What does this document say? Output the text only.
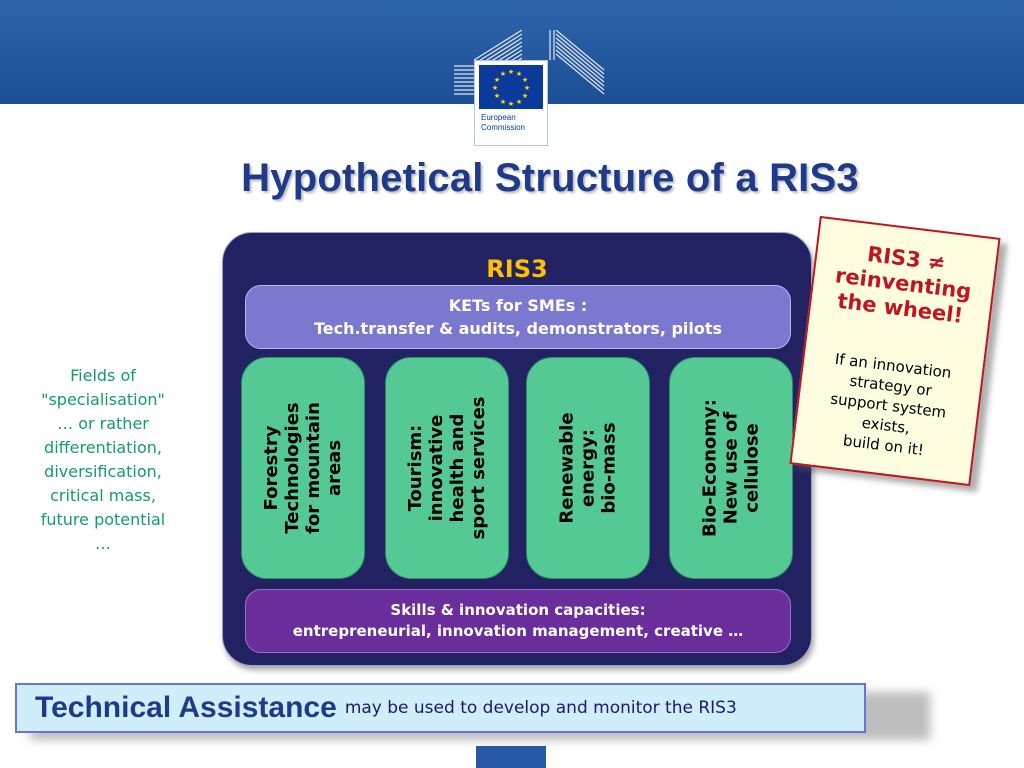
★ ★
★
★
★
★
★
★
★
★
★
★
European
Commission
Hypothetical Structure of a RIS3
Fields of
"specialisation"
… or rather
differentiation,
diversification,
critical mass,
future potential
…
RIS3
KETs for SMEs :
Tech.transfer & audits, demonstrators, pilots
Forestry
Technologies
for mountain
areas	Tourism:
innovative
health and
sport services	Renewable
energy:
bio-mass	Bio-Economy:
New use of
cellulose
Skills & innovation capacities:
entrepreneurial, innovation management, creative …
RIS3 ≠
reinventing
the wheel!
If an innovation
strategy or
support system
exists,
build on it!
Technical Assistance may be used to develop and monitor the RIS3
